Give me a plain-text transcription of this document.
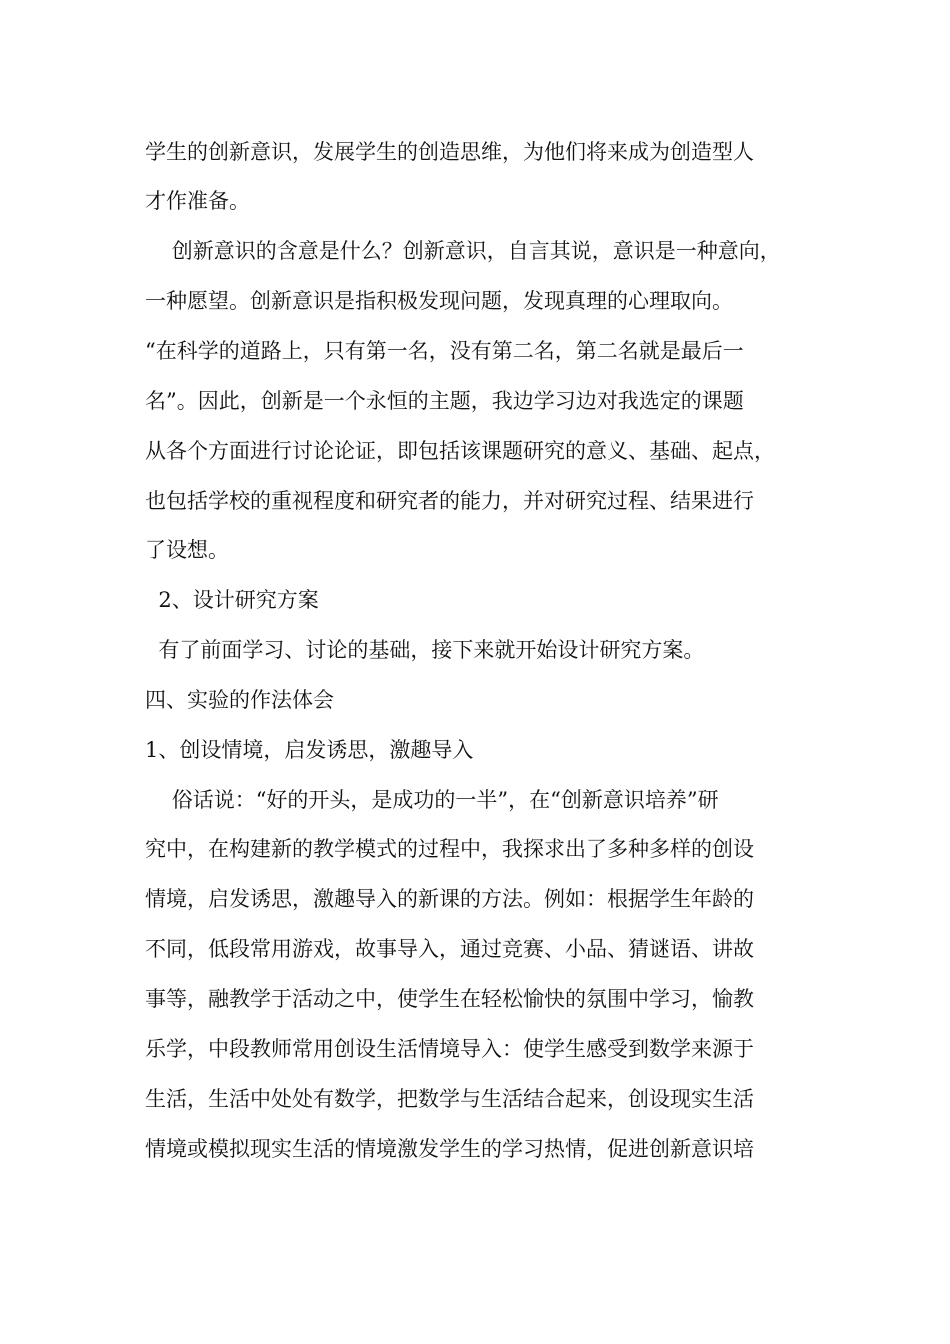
学生的创新意识，发展学生的创造思维，为他们将来成为创造型人
才作准备。
创新意识的含意是什么？创新意识，自言其说，意识是一种意向，
一种愿望。创新意识是指积极发现问题，发现真理的心理取向。
“在科学的道路上，只有第一名，没有第二名，第二名就是最后一
名”。因此，创新是一个永恒的主题，我边学习边对我选定的课题
从各个方面进行讨论论证，即包括该课题研究的意义、基础、起点，
也包括学校的重视程度和研究者的能力，并对研究过程、结果进行
了设想。
2、设计研究方案
有了前面学习、讨论的基础，接下来就开始设计研究方案。
四、实验的作法体会
1、创设情境，启发诱思，激趣导入
俗话说：“好的开头，是成功的一半”，在“创新意识培养”研
究中，在构建新的教学模式的过程中，我探求出了多种多样的创设
情境，启发诱思，激趣导入的新课的方法。例如：根据学生年龄的
不同，低段常用游戏，故事导入，通过竞赛、小品、猜谜语、讲故
事等，融教学于活动之中，使学生在轻松愉快的氛围中学习，愉教
乐学，中段教师常用创设生活情境导入：使学生感受到数学来源于
生活，生活中处处有数学，把数学与生活结合起来，创设现实生活
情境或模拟现实生活的情境激发学生的学习热情，促进创新意识培
